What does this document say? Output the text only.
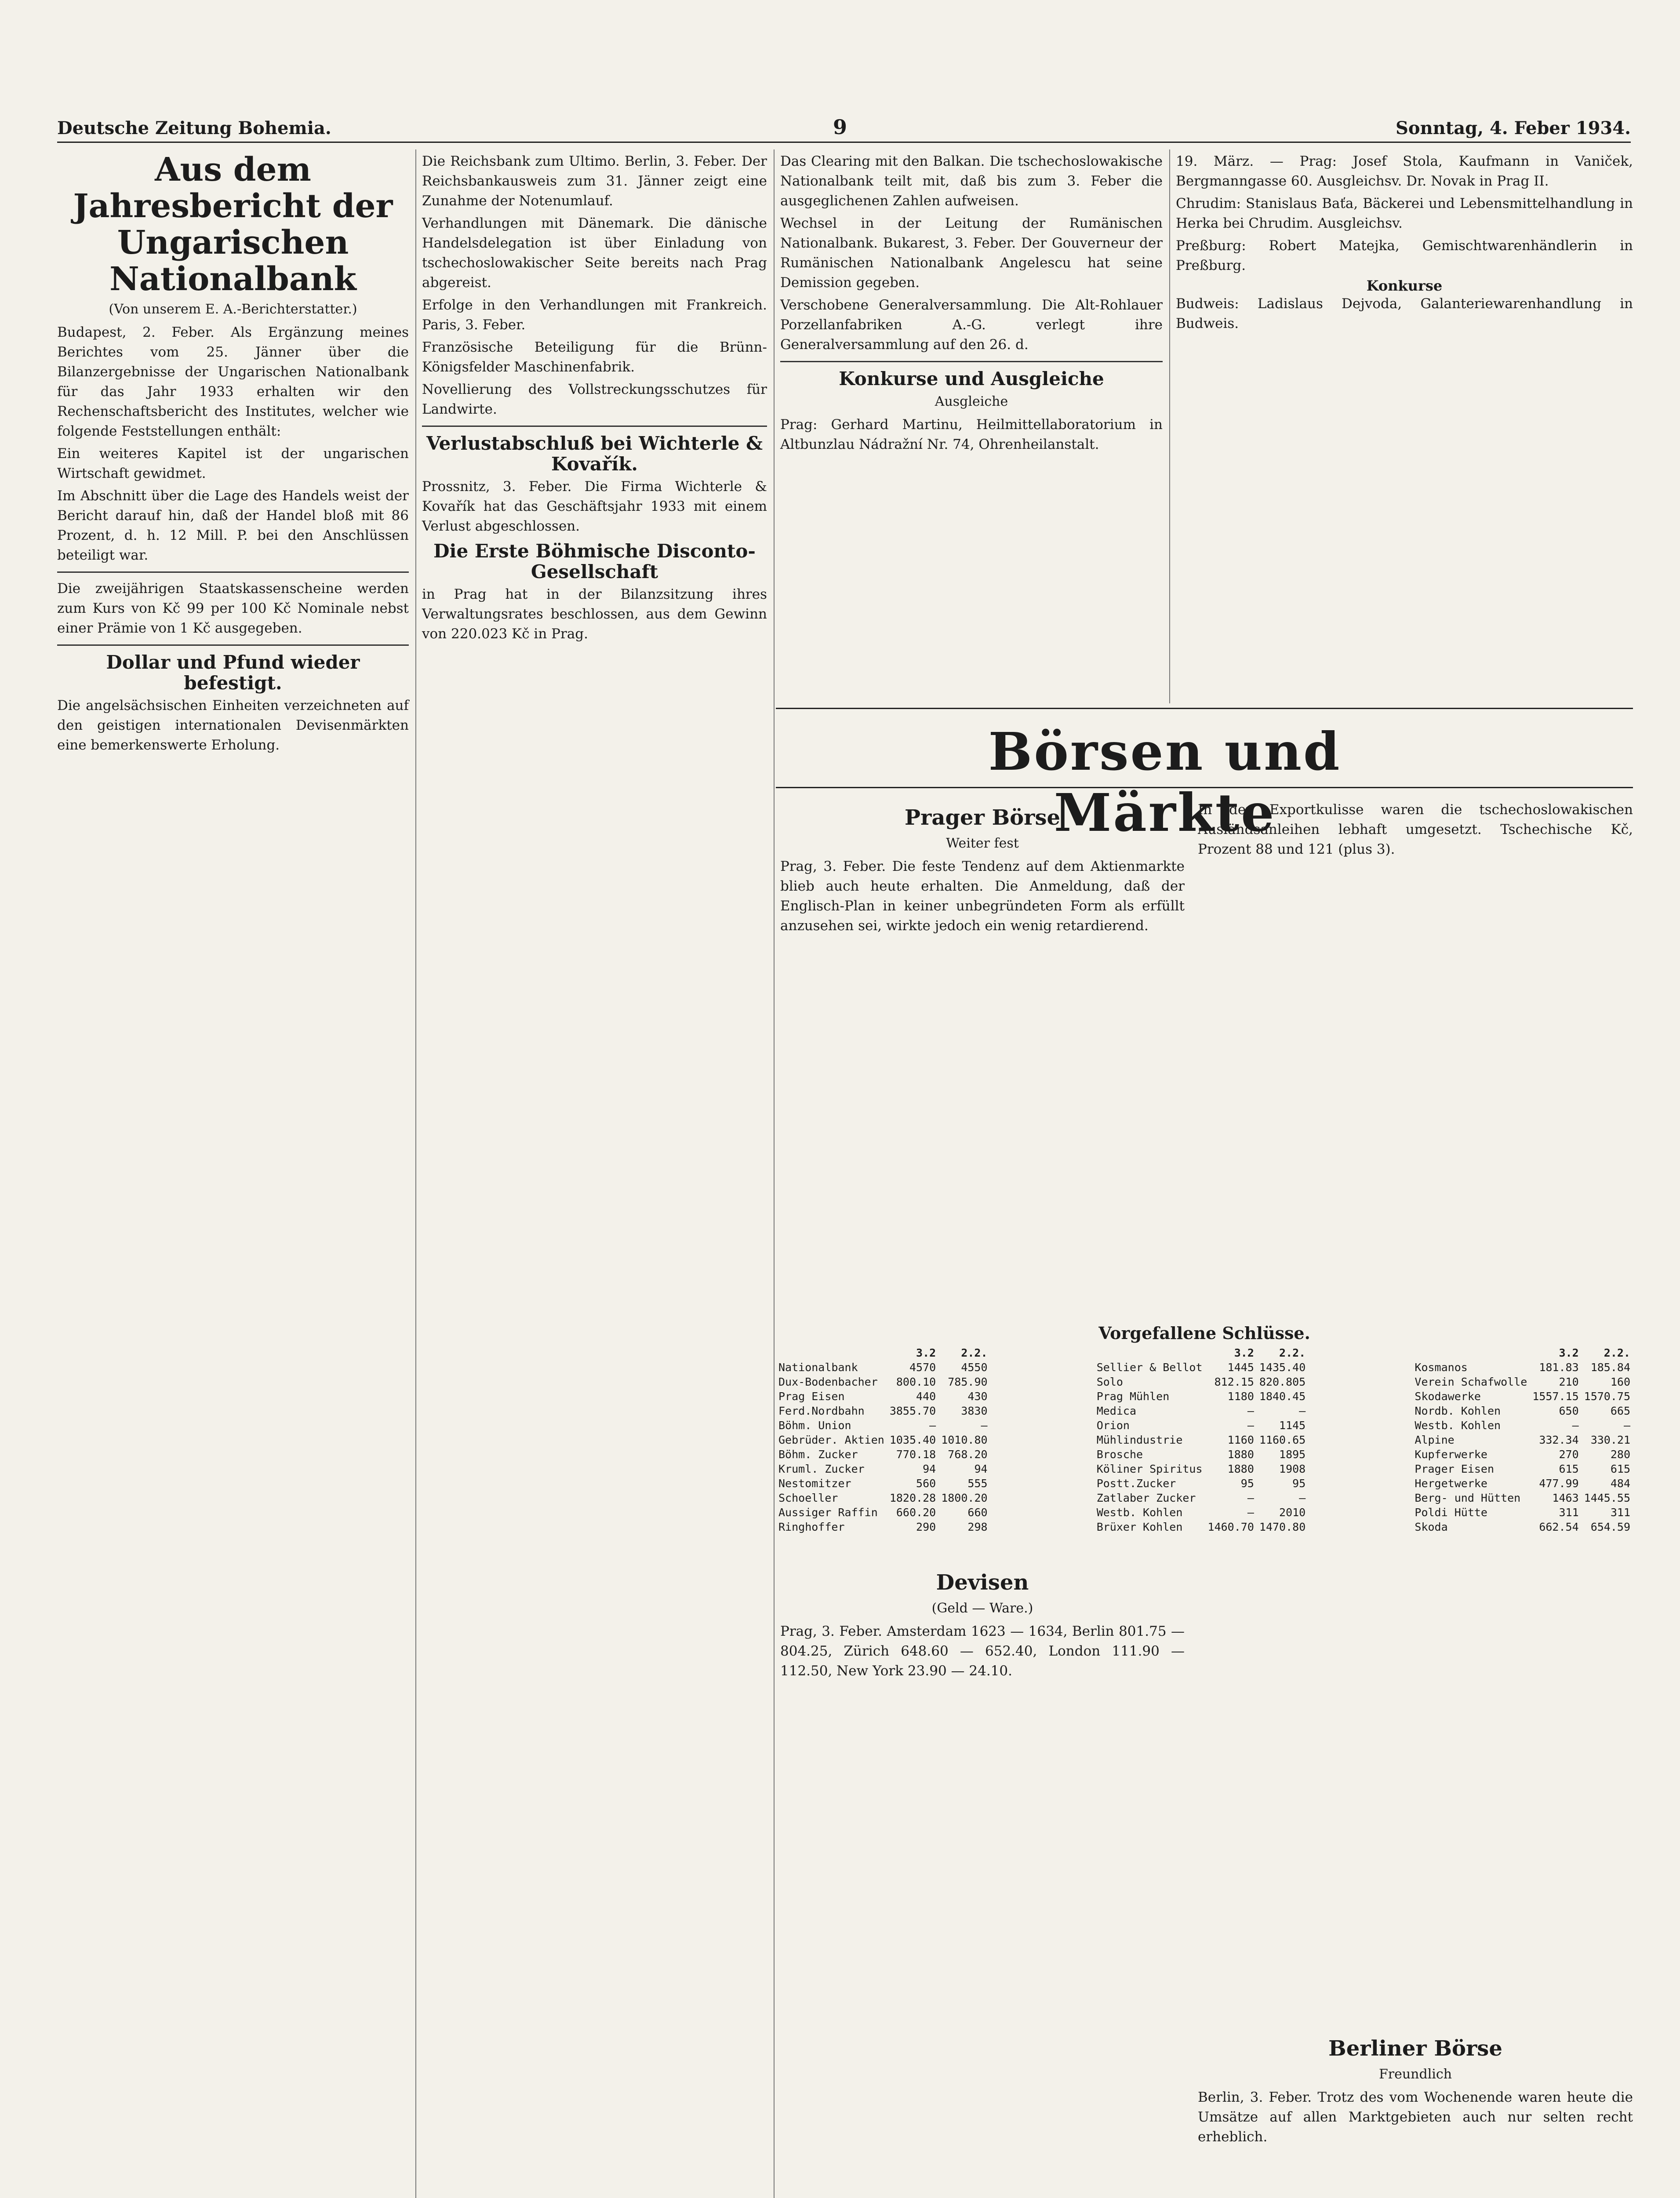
Deutsche Zeitung Bohemia.	9	Sonntag, 4. Feber 1934.
Aus dem Jahresbericht der Ungarischen Nationalbank
(Von unserem E. A.-Berichterstatter.)

Budapest, 2. Feber. Als Ergänzung meines Berichtes vom 25. Jänner über die Bilanzergebnisse der Ungarischen Nationalbank für das Jahr 1933 erhalten wir den Rechenschaftsbericht des Institutes, welcher wie folgende Feststellungen enthält:

Ein weiteres Kapitel ist der ungarischen Wirtschaft gewidmet.

Im Abschnitt über die Lage des Handels weist der Bericht darauf hin, daß der Handel bloß mit 86 Prozent, d. h. 12 Mill. P. bei den Anschlüssen beteiligt war.

Die zweijährigen Staatskassenscheine werden zum Kurs von Kč 99 per 100 Kč Nominale nebst einer Prämie von 1 Kč ausgegeben.

Dollar und Pfund wieder befestigt.

Die angelsächsischen Einheiten verzeichneten auf den geistigen internationalen Devisenmärkten eine bemerkenswerte Erholung.

Die Reichsbank zum Ultimo. Berlin, 3. Feber. Der Reichsbankausweis zum 31. Jänner zeigt eine Zunahme der Notenumlauf.

Verhandlungen mit Dänemark. Die dänische Handelsdelegation ist über Einladung von tschechoslowakischer Seite bereits nach Prag abgereist.

Erfolge in den Verhandlungen mit Frankreich. Paris, 3. Feber.

Französische Beteiligung für die Brünn-Königsfelder Maschinenfabrik.

Novellierung des Vollstreckungsschutzes für Landwirte.

Verlustabschluß bei Wichterle & Kovařík.

Prossnitz, 3. Feber. Die Firma Wichterle & Kovařík hat das Geschäftsjahr 1933 mit einem Verlust abgeschlossen.

Die Erste Böhmische Disconto-Gesellschaft

in Prag hat in der Bilanzsitzung ihres Verwaltungsrates beschlossen, aus dem Gewinn von 220.023 Kč in Prag.

Das Clearing mit den Balkan. Die tschechoslowakische Nationalbank teilt mit, daß bis zum 3. Feber die ausgeglichenen Zahlen aufweisen.

Wechsel in der Leitung der Rumänischen Nationalbank. Bukarest, 3. Feber. Der Gouverneur der Rumänischen Nationalbank Angelescu hat seine Demission gegeben.

Verschobene Generalversammlung. Die Alt-Rohlauer Porzellanfabriken A.-G. verlegt ihre Generalversammlung auf den 26. d.

Konkurse und Ausgleiche
Ausgleiche

Prag: Gerhard Martinu, Heilmittellaboratorium in Altbunzlau Nádražní Nr. 74, Ohrenheilanstalt.

19. März. — Prag: Josef Stola, Kaufmann in Vaniček, Bergmanngasse 60. Ausgleichsv. Dr. Novak in Prag II.

Chrudim: Stanislaus Baťa, Bäckerei und Lebensmittelhandlung in Herka bei Chrudim. Ausgleichsv.

Preßburg: Robert Matejka, Gemischtwarenhändlerin in Preßburg.

Konkurse

Budweis: Ladislaus Dejvoda, Galanteriewarenhandlung in Budweis.

Börsen und Märkte
Prager Börse
Weiter fest

Prag, 3. Feber. Die feste Tendenz auf dem Aktienmarkte blieb auch heute erhalten. Die Anmeldung, daß der Englisch-Plan in keiner unbegründeten Form als erfüllt anzusehen sei, wirkte jedoch ein wenig retardierend.

In der Exportkulisse waren die tschechoslowakischen Ausländsanleihen lebhaft umgesetzt. Tschechische Kč, Prozent 88 und 121 (plus 3).

Vorgefallene Schlüsse.
	3.2	2.2.
Nationalbank	4570	4550
Dux-Bodenbacher	800.10	785.90
Prag Eisen	440	430
Ferd.Nordbahn	3855.70	3830
Böhm. Union	—	—
Gebrüder. Aktien	1035.40	1010.80
Böhm. Zucker	770.18	768.20
Kruml. Zucker	94	94
Nestomitzer	560	555
Schoeller	1820.28	1800.20
Aussiger Raffin	660.20	660
Ringhoffer	290	298
	3.2	2.2.
Sellier & Bellot	1445	1435.40
Solo	812.15	820.805
Prag Mühlen	1180	1840.45
Medica	—	—
Orion	—	1145
Mühlindustrie	1160	1160.65
Brosche	1880	1895
Köliner Spiritus	1880	1908
Postt.Zucker	95	95
Zatlaber Zucker	—	—
Westb. Kohlen	—	2010
Brüxer Kohlen	1460.70	1470.80
	3.2	2.2.
Kosmanos	181.83	185.84
Verein Schafwolle	210	160
Skodawerke	1557.15	1570.75
Nordb. Kohlen	650	665
Westb. Kohlen	—	—
Alpine	332.34	330.21
Kupferwerke	270	280
Prager Eisen	615	615
Hergetwerke	477.99	484
Berg- und Hütten	1463	1445.55
Poldi Hütte	311	311
Skoda	662.54	654.59
Devisen
(Geld — Ware.)

Prag, 3. Feber. Amsterdam 1623 — 1634, Berlin 801.75 — 804.25, Zürich 648.60 — 652.40, London 111.90 — 112.50, New York 23.90 — 24.10.

Berliner Börse
Freundlich

Berlin, 3. Feber. Trotz des vom Wochenende waren heute die Umsätze auf allen Marktgebieten auch nur selten recht erheblich.
